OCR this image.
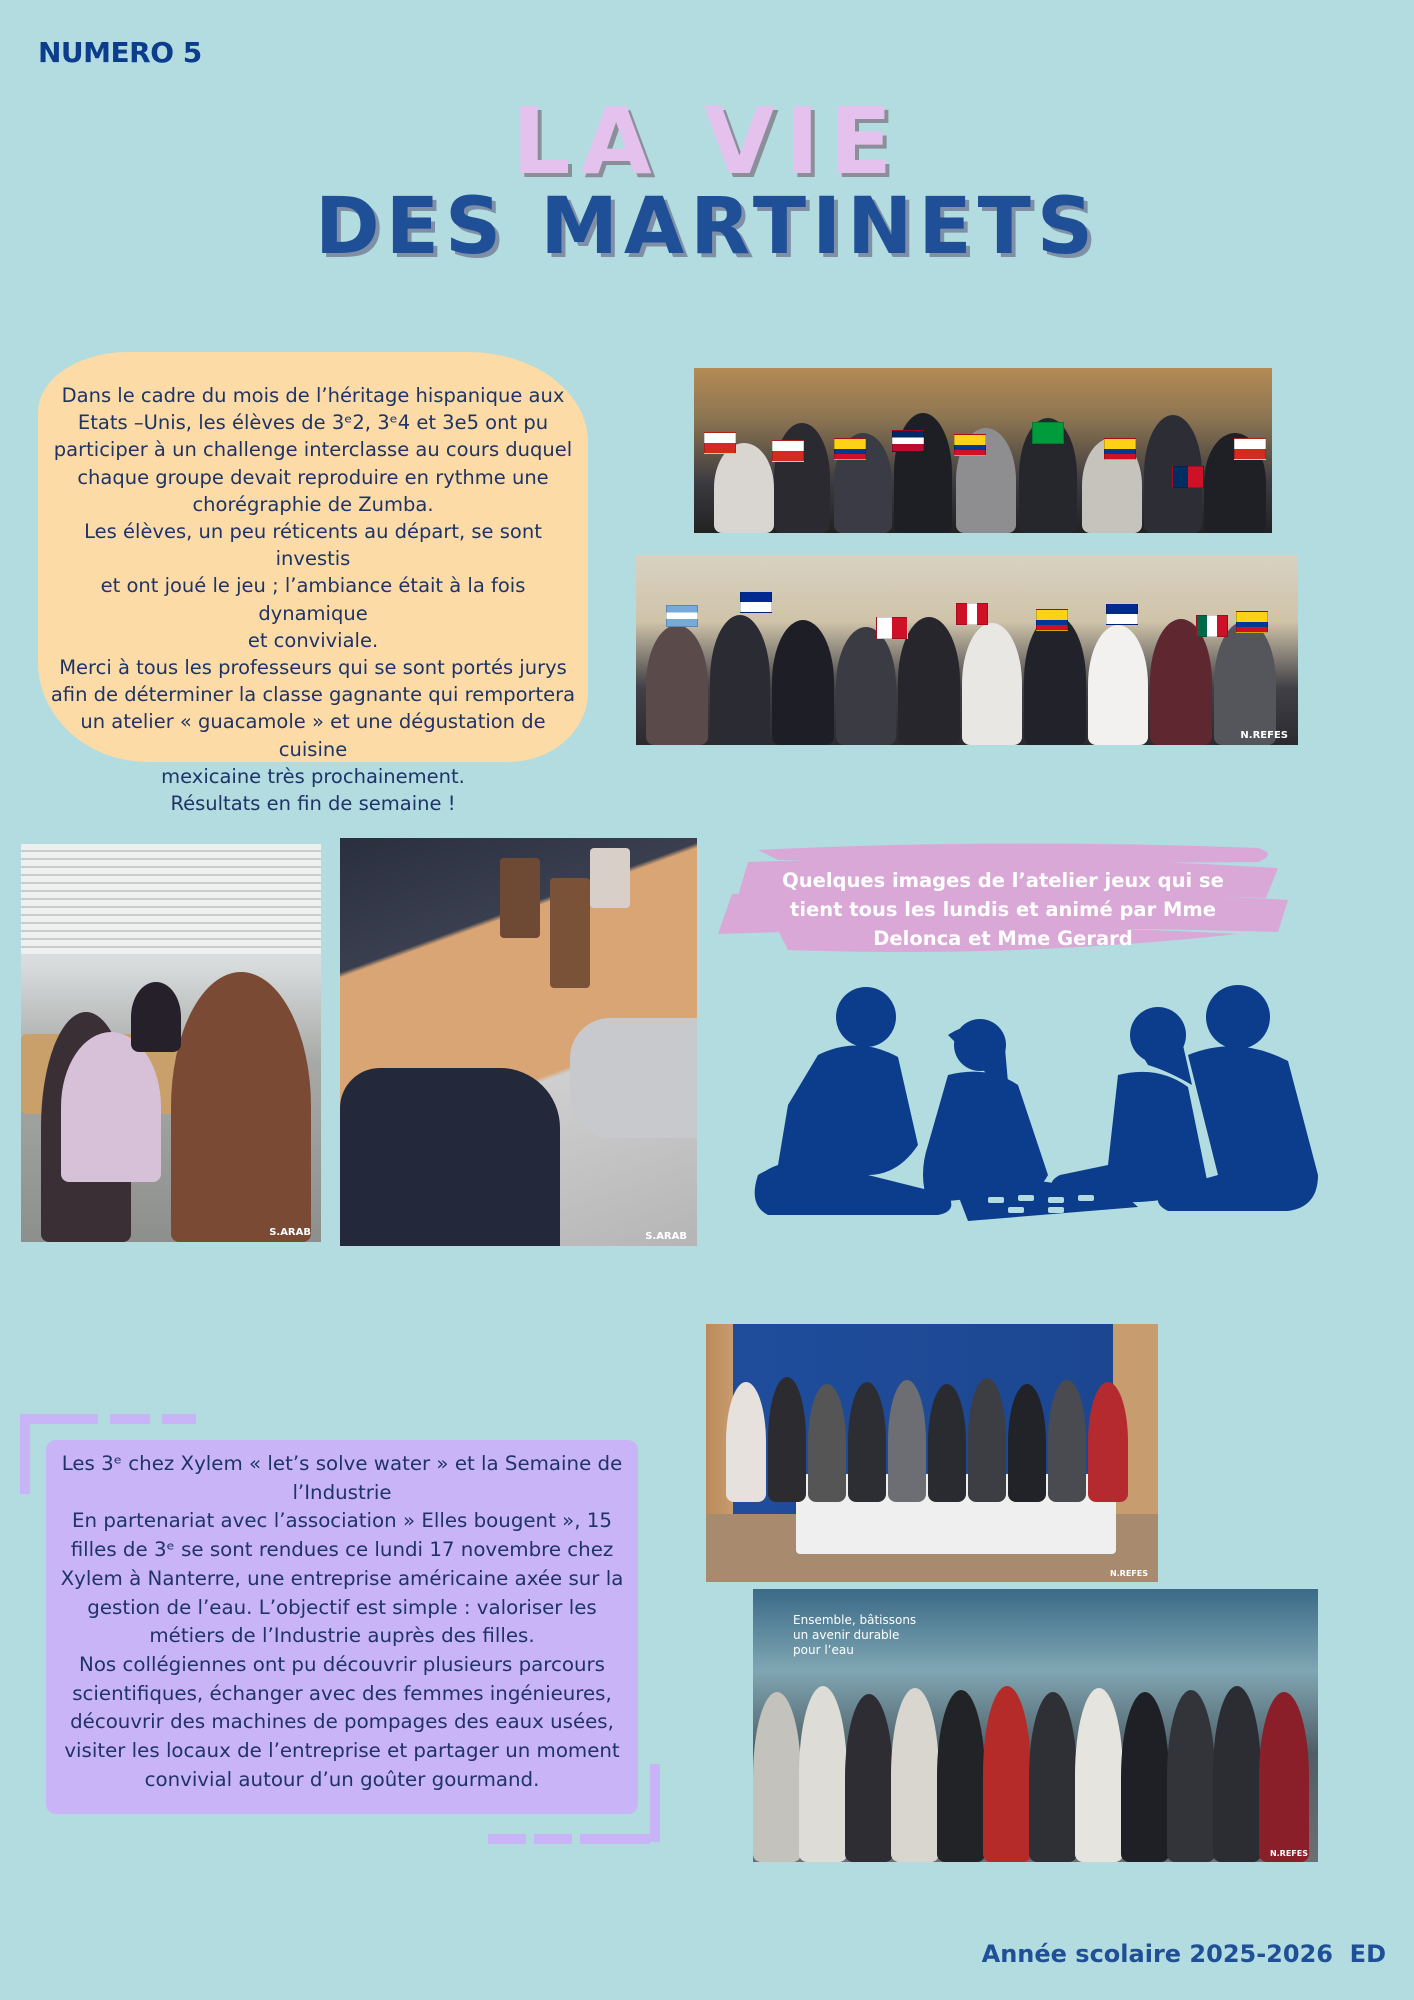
NUMERO 5
LA VIE
DES MARTINETS
Dans le cadre du mois de l’héritage hispanique aux
Etats –Unis, les élèves de 3ᵉ2, 3ᵉ4 et 3e5 ont pu
participer à un challenge interclasse au cours duquel
chaque groupe devait reproduire en rythme une
chorégraphie de Zumba.
Les élèves, un peu réticents au départ, se sont investis
et ont joué le jeu ; l’ambiance était à la fois dynamique
et conviviale.
Merci à tous les professeurs qui se sont portés jurys
afin de déterminer la classe gagnante qui remportera
un atelier « guacamole » et une dégustation de cuisine
mexicaine très prochainement.
Résultats en fin de semaine !
N.REFES
S.ARAB	S.ARAB
Quelques images de l’atelier jeux qui se
tient tous les lundis et animé par Mme
Delonca et Mme Gerard
Les 3ᵉ chez Xylem « let’s solve water » et la Semaine de
l’Industrie
En partenariat avec l’association » Elles bougent », 15
filles de 3ᵉ se sont rendues ce lundi 17 novembre chez
Xylem à Nanterre, une entreprise américaine axée sur la
gestion de l’eau. L’objectif est simple : valoriser les
métiers de l’Industrie auprès des filles.
Nos collégiennes ont pu découvrir plusieurs parcours
scientifiques, échanger avec des femmes ingénieures,
découvrir des machines de pompages des eaux usées,
visiter les locaux de l’entreprise et partager un moment
convivial autour d’un goûter gourmand.
N.REFES
Ensemble, bâtissons
un avenir durable
pour l’eau
N.REFES
Année scolaire 2025-2026  ED
